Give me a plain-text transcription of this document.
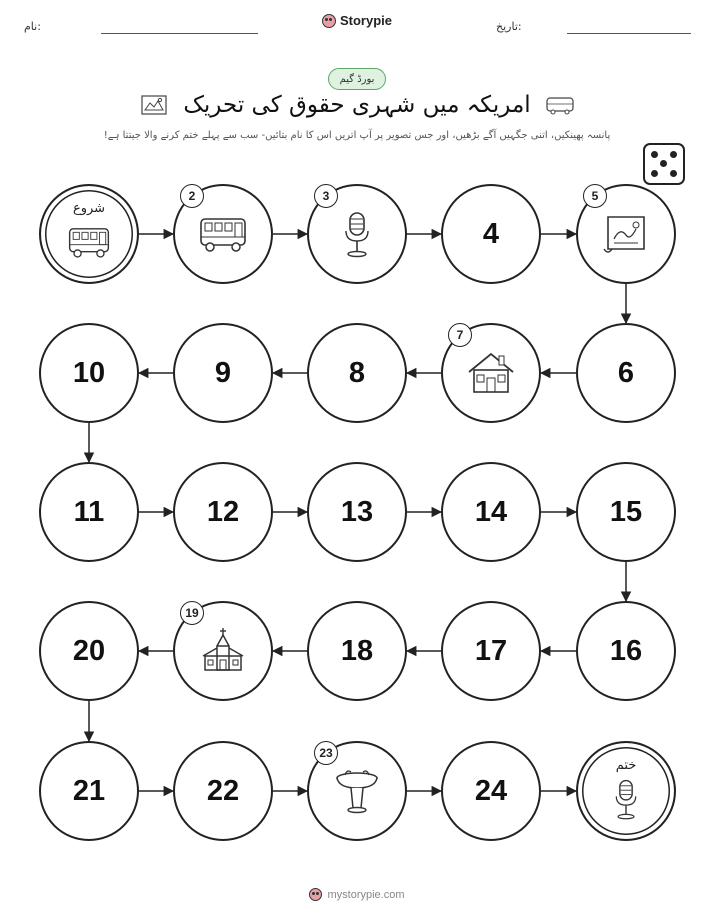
تاریخ:
نام:	Storypie
بورڈ گیم
امریکہ میں شہری حقوق کی تحریک
پانسہ پھینکیں، اتنی جگہیں آگے بڑھیں، اور جس تصویر پر آپ اتریں اس کا نام بتائیں- سب سے پہلے ختم کرنے والا جیتتا ہے!
شروع
2	3
4
5
6
7
8
9
10
11	12	13	14	15
16
17
18
19
20
21	22
23
24
ختم
mystorypie.com
